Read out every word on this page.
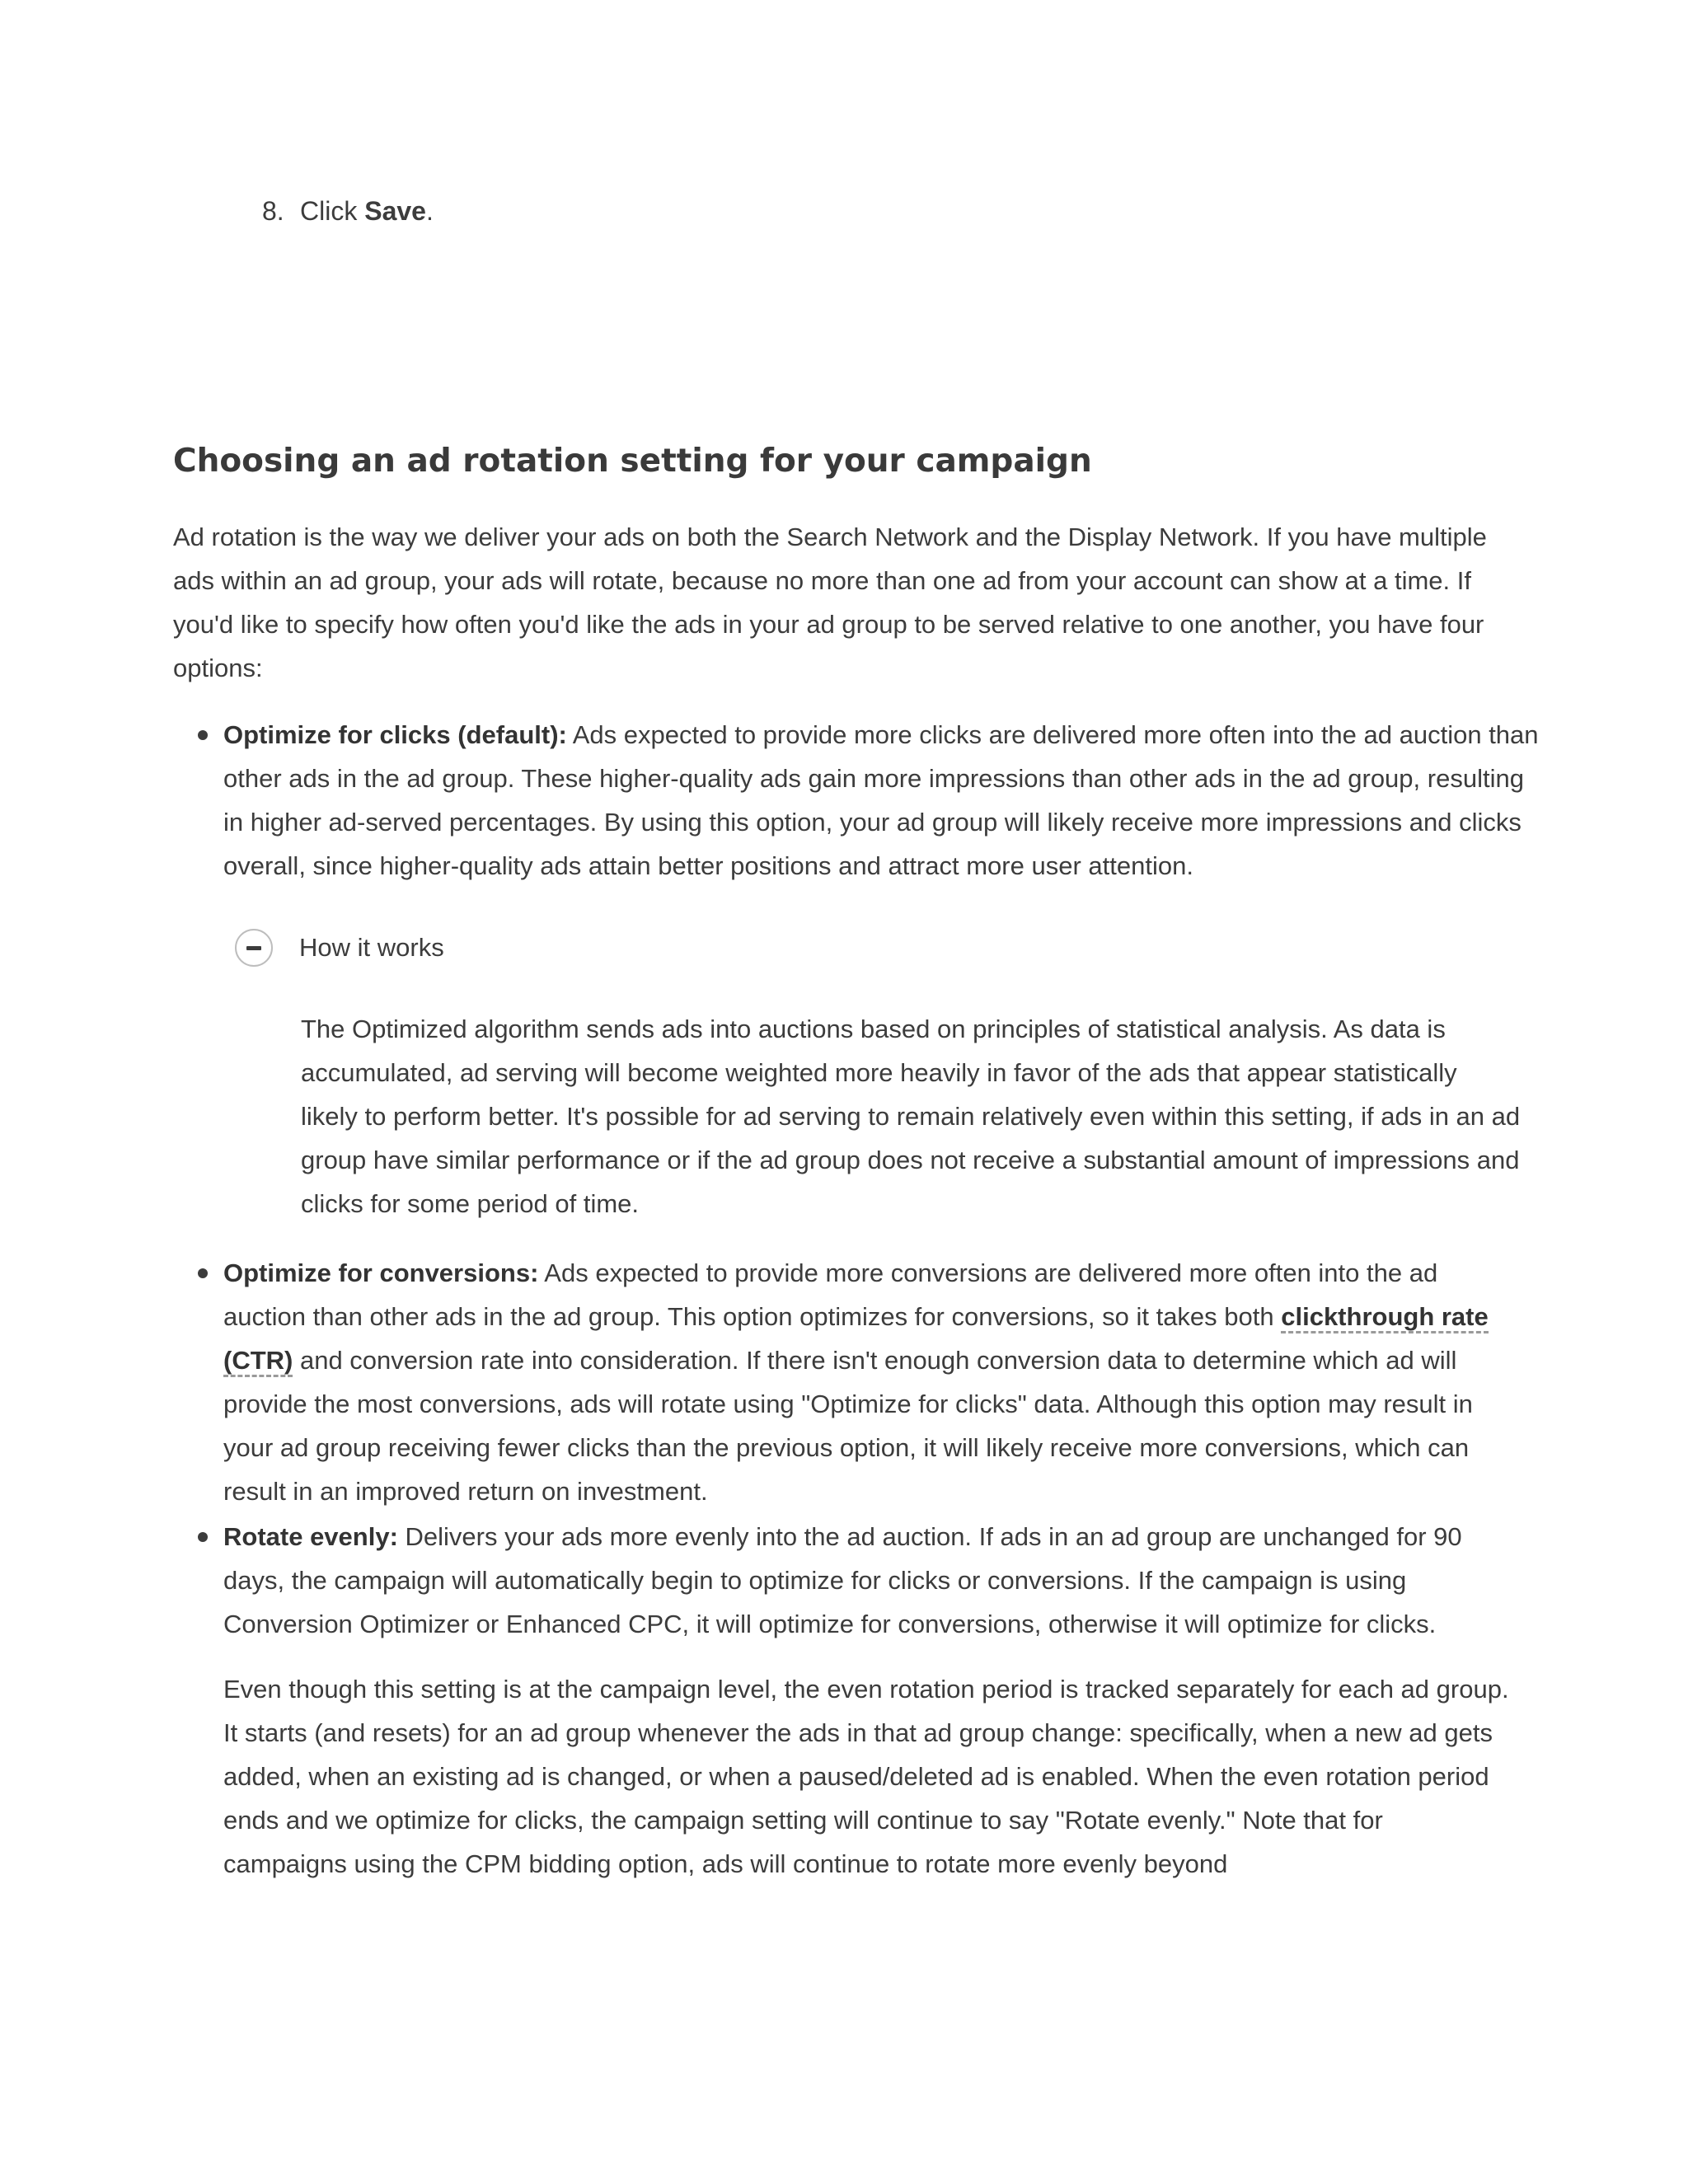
8. Click Save.
Choosing an ad rotation setting for your campaign

Ad rotation is the way we deliver your ads on both the Search Network and the Display Network. If you have multiple ads within an ad group, your ads will rotate, because no more than one ad from your account can show at a time. If you'd like to specify how often you'd like the ads in your ad group to be served relative to one another, you have four options:

Optimize for clicks (default): Ads expected to provide more clicks are delivered more often into the ad auction than other ads in the ad group. These higher-quality ads gain more impressions than other ads in the ad group, resulting in higher ad-served percentages. By using this option, your ad group will likely receive more impressions and clicks overall, since higher-quality ads attain better positions and attract more user attention.

How it works

The Optimized algorithm sends ads into auctions based on principles of statistical analysis. As data is accumulated, ad serving will become weighted more heavily in favor of the ads that appear statistically likely to perform better. It's possible for ad serving to remain relatively even within this setting, if ads in an ad group have similar performance or if the ad group does not receive a substantial amount of impressions and clicks for some period of time.

Optimize for conversions: Ads expected to provide more conversions are delivered more often into the ad auction than other ads in the ad group. This option optimizes for conversions, so it takes both clickthrough rate (CTR) and conversion rate into consideration. If there isn't enough conversion data to determine which ad will provide the most conversions, ads will rotate using "Optimize for clicks" data. Although this option may result in your ad group receiving fewer clicks than the previous option, it will likely receive more conversions, which can result in an improved return on investment.

Rotate evenly: Delivers your ads more evenly into the ad auction. If ads in an ad group are unchanged for 90 days, the campaign will automatically begin to optimize for clicks or conversions. If the campaign is using Conversion Optimizer or Enhanced CPC, it will optimize for conversions, otherwise it will optimize for clicks.

Even though this setting is at the campaign level, the even rotation period is tracked separately for each ad group. It starts (and resets) for an ad group whenever the ads in that ad group change: specifically, when a new ad gets added, when an existing ad is changed, or when a paused/deleted ad is enabled. When the even rotation period ends and we optimize for clicks, the campaign setting will continue to say "Rotate evenly." Note that for campaigns using the CPM bidding option, ads will continue to rotate more evenly beyond
